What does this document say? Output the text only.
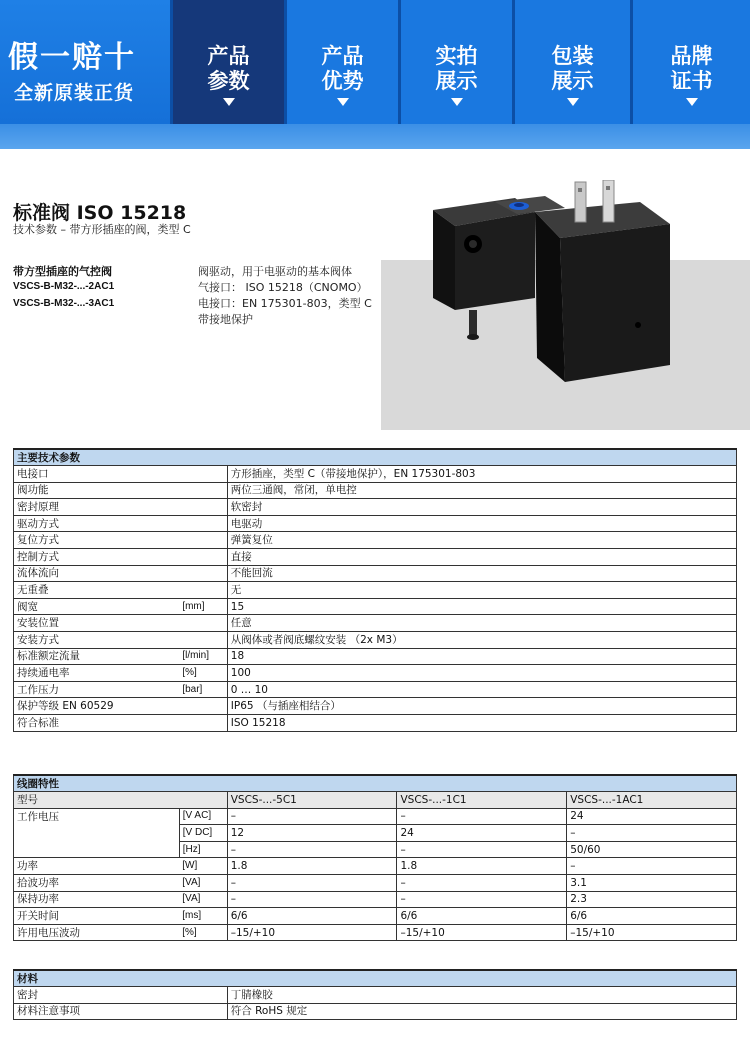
假一赔十
全新原装正货
产品
参数
产品
优势
实拍
展示
包装
展示
品牌
证书
标准阀 ISO 15218
技术参数 – 带方形插座的阀，类型 C
带方型插座的气控阀
VSCS-B-M32-...-2AC1
VSCS-B-M32-...-3AC1
阀驱动，用于电驱动的基本阀体
气接口： ISO 15218（CNOMO）
电接口：EN 175301-803，类型 C
带接地保护
主要技术参数		
电接口		方形插座，类型 C（带接地保护），EN 175301-803
阀功能		两位三通阀，常闭，单电控
密封原理		软密封
驱动方式		电驱动
复位方式		弹簧复位
控制方式		直接
流体流向		不能回流
无重叠		无
阀宽	[mm]	15
安装位置		任意
安装方式		从阀体或者阀底螺纹安装 （2x M3）
标准额定流量	[l/min]	18
持续通电率	[%]	100
工作压力	[bar]	0 … 10
保护等级 EN 60529		IP65 （与插座相结合）
符合标准		ISO 15218
线圈特性				
型号		VSCS-...-5C1	VSCS-...-1C1	VSCS-...-1AC1
工作电压	[V AC]	–	–	24
	[V DC]	12	24	–
	[Hz]	–	–	50/60
功率	[W]	1.8	1.8	–
拾波功率	[VA]	–	–	3.1
保持功率	[VA]	–	–	2.3
开关时间	[ms]	6/6	6/6	6/6
许用电压波动	[%]	–15/+10	–15/+10	–15/+10
材料	
密封	丁腈橡胶
材料注意事项	符合 RoHS 规定
